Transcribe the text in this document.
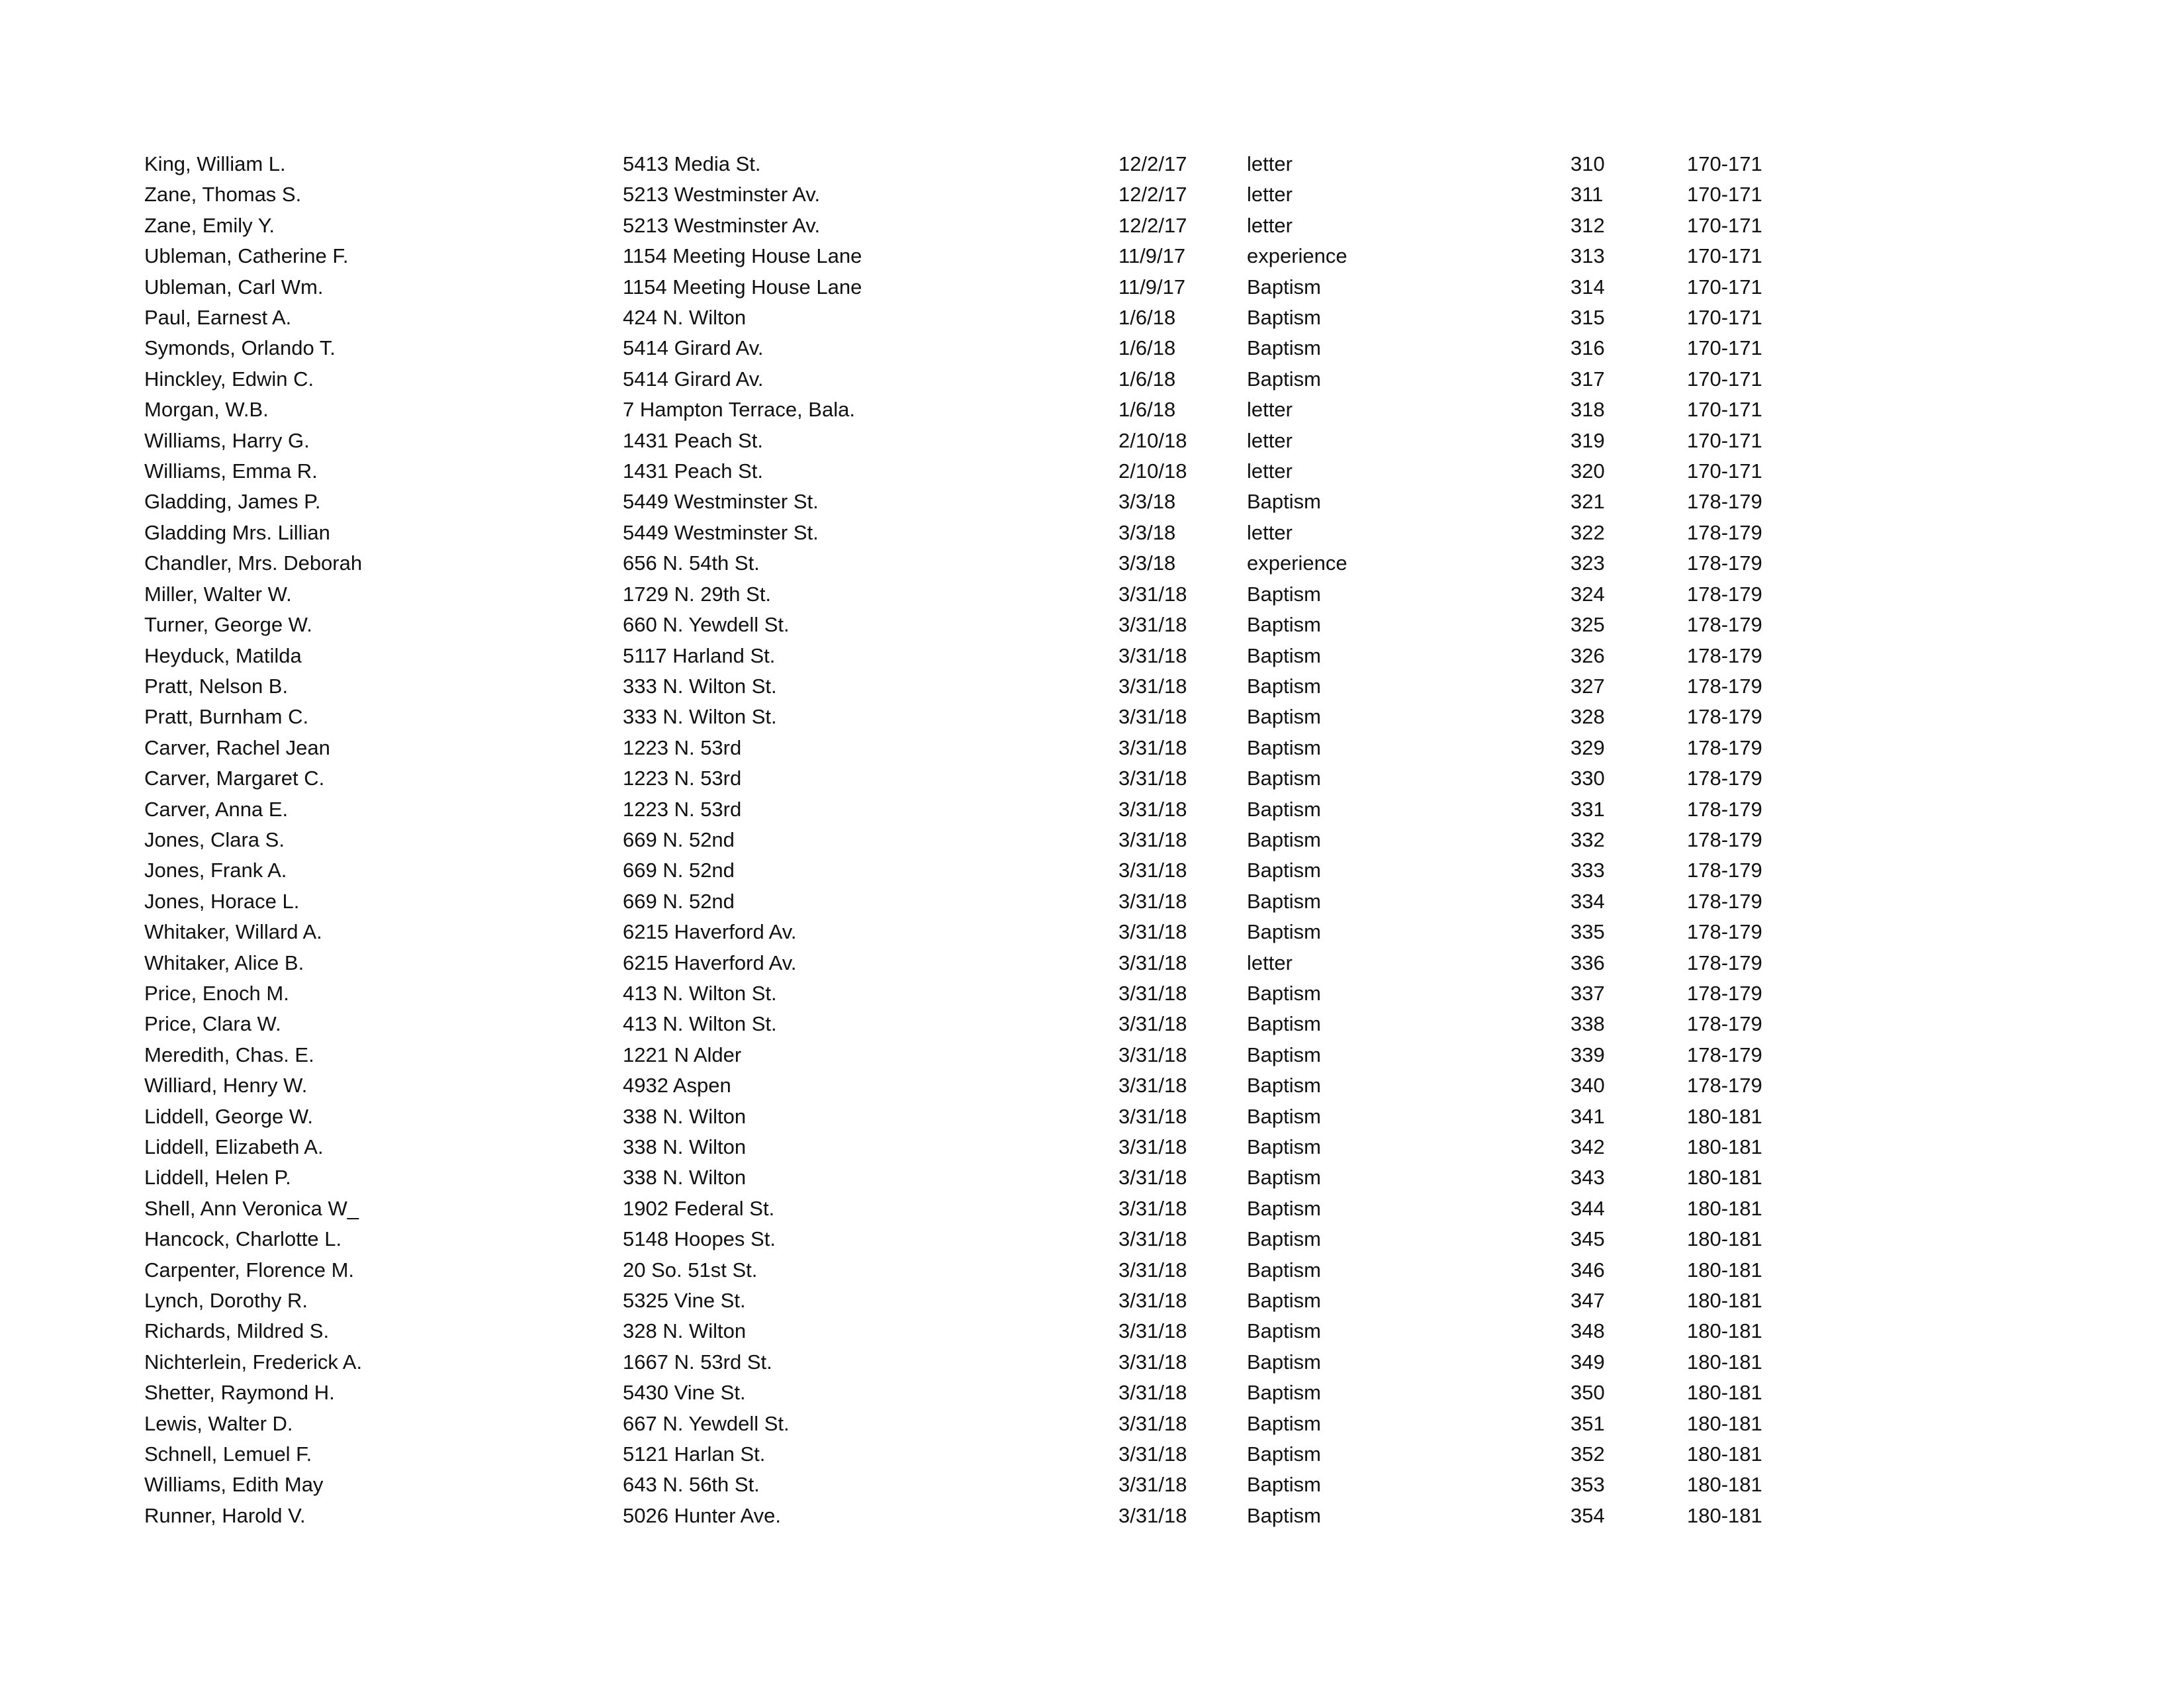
King, William L.	5413 Media St.	12/2/17	letter	310	170-171
Zane, Thomas S.	5213 Westminster Av.	12/2/17	letter	311	170-171
Zane, Emily Y.	5213 Westminster Av.	12/2/17	letter	312	170-171
Ubleman, Catherine F.	1154 Meeting House Lane	11/9/17	experience	313	170-171
Ubleman, Carl Wm.	1154 Meeting House Lane	11/9/17	Baptism	314	170-171
Paul, Earnest A.	424 N. Wilton	1/6/18	Baptism	315	170-171
Symonds, Orlando T.	5414 Girard Av.	1/6/18	Baptism	316	170-171
Hinckley, Edwin C.	5414 Girard Av.	1/6/18	Baptism	317	170-171
Morgan, W.B.	7 Hampton Terrace, Bala.	1/6/18	letter	318	170-171
Williams, Harry G.	1431 Peach St.	2/10/18	letter	319	170-171
Williams, Emma R.	1431 Peach St.	2/10/18	letter	320	170-171
Gladding, James P.	5449 Westminster St.	3/3/18	Baptism	321	178-179
Gladding Mrs. Lillian	5449 Westminster St.	3/3/18	letter	322	178-179
Chandler, Mrs. Deborah	656 N. 54th St.	3/3/18	experience	323	178-179
Miller, Walter W.	1729 N. 29th St.	3/31/18	Baptism	324	178-179
Turner, George W.	660 N. Yewdell St.	3/31/18	Baptism	325	178-179
Heyduck, Matilda	5117 Harland St.	3/31/18	Baptism	326	178-179
Pratt, Nelson B.	333 N. Wilton St.	3/31/18	Baptism	327	178-179
Pratt, Burnham C.	333 N. Wilton St.	3/31/18	Baptism	328	178-179
Carver, Rachel Jean	1223 N. 53rd	3/31/18	Baptism	329	178-179
Carver, Margaret C.	1223 N. 53rd	3/31/18	Baptism	330	178-179
Carver, Anna E.	1223 N. 53rd	3/31/18	Baptism	331	178-179
Jones, Clara S.	669 N. 52nd	3/31/18	Baptism	332	178-179
Jones, Frank A.	669 N. 52nd	3/31/18	Baptism	333	178-179
Jones, Horace L.	669 N. 52nd	3/31/18	Baptism	334	178-179
Whitaker, Willard A.	6215 Haverford Av.	3/31/18	Baptism	335	178-179
Whitaker, Alice B.	6215 Haverford Av.	3/31/18	letter	336	178-179
Price, Enoch M.	413 N. Wilton St.	3/31/18	Baptism	337	178-179
Price, Clara W.	413 N. Wilton St.	3/31/18	Baptism	338	178-179
Meredith, Chas. E.	1221 N Alder	3/31/18	Baptism	339	178-179
Williard, Henry W.	4932 Aspen	3/31/18	Baptism	340	178-179
Liddell, George W.	338 N. Wilton	3/31/18	Baptism	341	180-181
Liddell, Elizabeth A.	338 N. Wilton	3/31/18	Baptism	342	180-181
Liddell, Helen P.	338 N. Wilton	3/31/18	Baptism	343	180-181
Shell, Ann Veronica W_	1902 Federal St.	3/31/18	Baptism	344	180-181
Hancock, Charlotte L.	5148 Hoopes St.	3/31/18	Baptism	345	180-181
Carpenter, Florence M.	20 So. 51st St.	3/31/18	Baptism	346	180-181
Lynch, Dorothy R.	5325 Vine St.	3/31/18	Baptism	347	180-181
Richards, Mildred S.	328 N. Wilton	3/31/18	Baptism	348	180-181
Nichterlein, Frederick A.	1667 N. 53rd St.	3/31/18	Baptism	349	180-181
Shetter, Raymond H.	5430 Vine St.	3/31/18	Baptism	350	180-181
Lewis, Walter D.	667 N. Yewdell St.	3/31/18	Baptism	351	180-181
Schnell, Lemuel F.	5121 Harlan St.	3/31/18	Baptism	352	180-181
Williams, Edith May	643 N. 56th St.	3/31/18	Baptism	353	180-181
Runner, Harold V.	5026 Hunter Ave.	3/31/18	Baptism	354	180-181
